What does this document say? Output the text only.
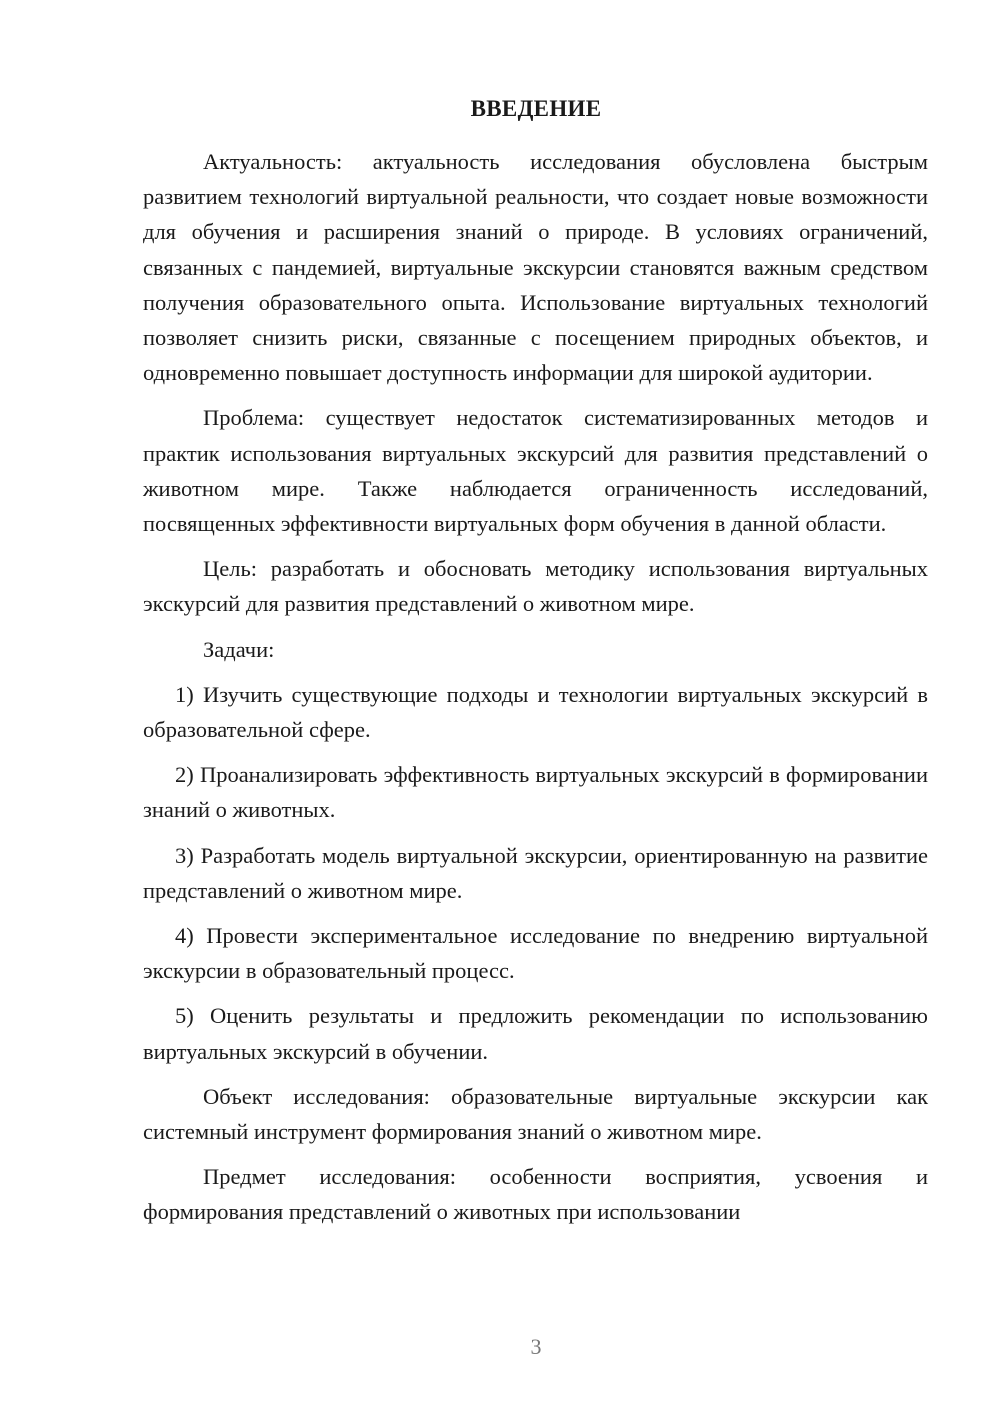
ВВЕДЕНИЕ

Актуальность: актуальность исследования обусловлена быстрым развитием технологий виртуальной реальности, что создает новые возможности для обучения и расширения знаний о природе. В условиях ограничений, связанных с пандемией, виртуальные экскурсии становятся важным средством получения образовательного опыта. Использование виртуальных технологий позволяет снизить риски, связанные с посещением природных объектов, и одновременно повышает доступность информации для широкой аудитории.

Проблема: существует недостаток систематизированных методов и практик использования виртуальных экскурсий для развития представлений о животном мире. Также наблюдается ограниченность исследований, посвященных эффективности виртуальных форм обучения в данной области.

Цель: разработать и обосновать методику использования виртуальных экскурсий для развития представлений о животном мире.

Задачи:

1) Изучить существующие подходы и технологии виртуальных экскурсий в образовательной сфере.

2) Проанализировать эффективность виртуальных экскурсий в формировании знаний о животных.

3) Разработать модель виртуальной экскурсии, ориентированную на развитие представлений о животном мире.

4) Провести экспериментальное исследование по внедрению виртуальной экскурсии в образовательный процесс.

5) Оценить результаты и предложить рекомендации по использованию виртуальных экскурсий в обучении.

Объект исследования: образовательные виртуальные экскурсии как системный инструмент формирования знаний о животном мире.

Предмет исследования: особенности восприятия, усвоения и формирования представлений о животных при использовании

3
